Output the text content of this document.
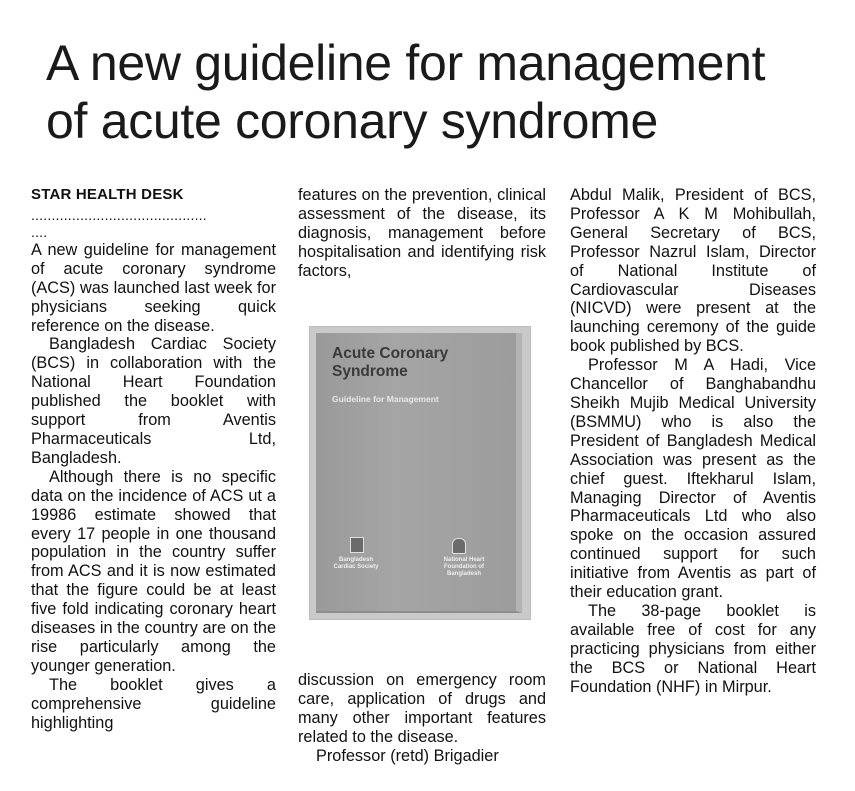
A new guideline for management
of acute coronary syndrome

STAR HEALTH DESK

...........................................

....

A new guideline for management of acute coronary syndrome (ACS) was launched last week for physicians seeking quick reference on the disease.

Bangladesh Cardiac Society (BCS) in collaboration with the National Heart Foundation published the booklet with support from Aventis Pharmaceuticals Ltd, Bangladesh.

Although there is no specific data on the incidence of ACS ut a 19986 estimate showed that every 17 people in one thousand population in the country suffer from ACS and it is now estimated that the figure could be at least five fold indicating coronary heart diseases in the country are on the rise particularly among the younger generation.

The booklet gives a comprehensive guideline highlighting

features on the prevention, clinical assessment of the disease, its diagnosis, management before hospitalisation and identifying risk factors,

Acute Coronary
Syndrome
Guideline for Management
Bangladesh
Cardiac Society
National Heart
Foundation of Bangladesh

discussion on emergency room care, application of drugs and many other important features related to the disease.

Professor (retd) Brigadier

Abdul Malik, President of BCS, Professor A K M Mohibullah, General Secretary of BCS, Professor Nazrul Islam, Director of National Institute of Cardiovascular Diseases (NICVD) were present at the launching ceremony of the guide book published by BCS.

Professor M A Hadi, Vice Chancellor of Banghabandhu Sheikh Mujib Medical University (BSMMU) who is also the President of Bangladesh Medical Association was present as the chief guest. Iftekharul Islam, Managing Director of Aventis Pharmaceuticals Ltd who also spoke on the occasion assured continued support for such initiative from Aventis as part of their education grant.

The 38-page booklet is available free of cost for any practicing physicians from either the BCS or National Heart Foundation (NHF) in Mirpur.
